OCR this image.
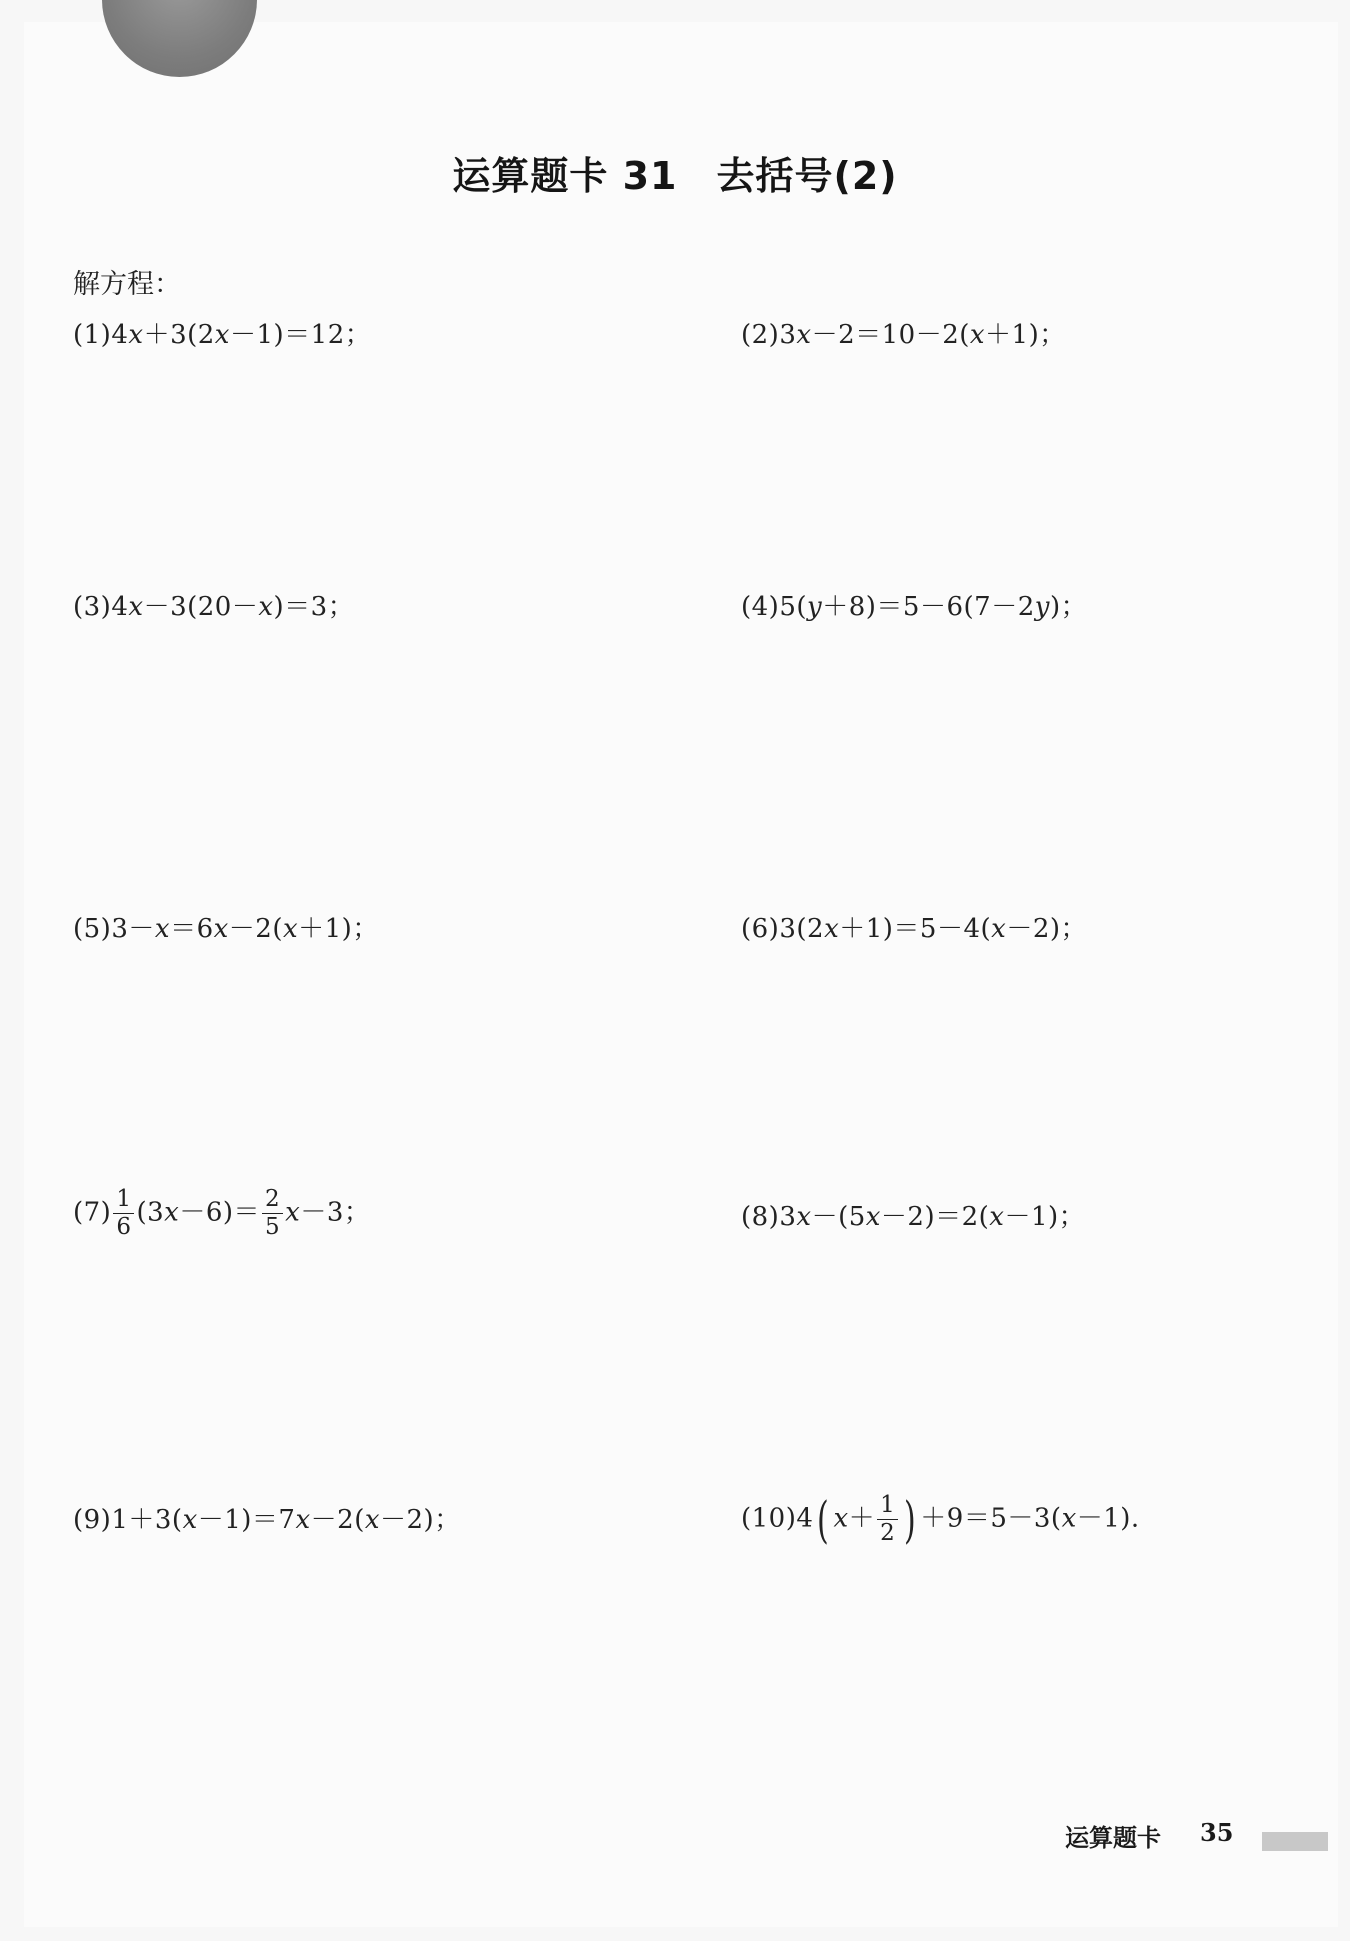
运算题卡 31　去括号(2)
解方程：
(1)4x＋3(2x－1)＝12；	(2)3x－2＝10－2(x＋1)；
(3)4x－3(20－x)＝3；	(4)5(y＋8)＝5－6(7－2y)；
(5)3－x＝6x－2(x＋1)；	(6)3(2x＋1)＝5－4(x－2)；
$(7) \frac{1}{6} (3x-6)= \frac{2}{5} x-3$；	(8)3x－(5x－2)＝2(x－1)；
(9)1＋3(x－1)＝7x－2(x－2)；	(10)4( $x+ \frac{1}{2}$ ) ＋9＝5－3(x－1).
运算题卡 35
